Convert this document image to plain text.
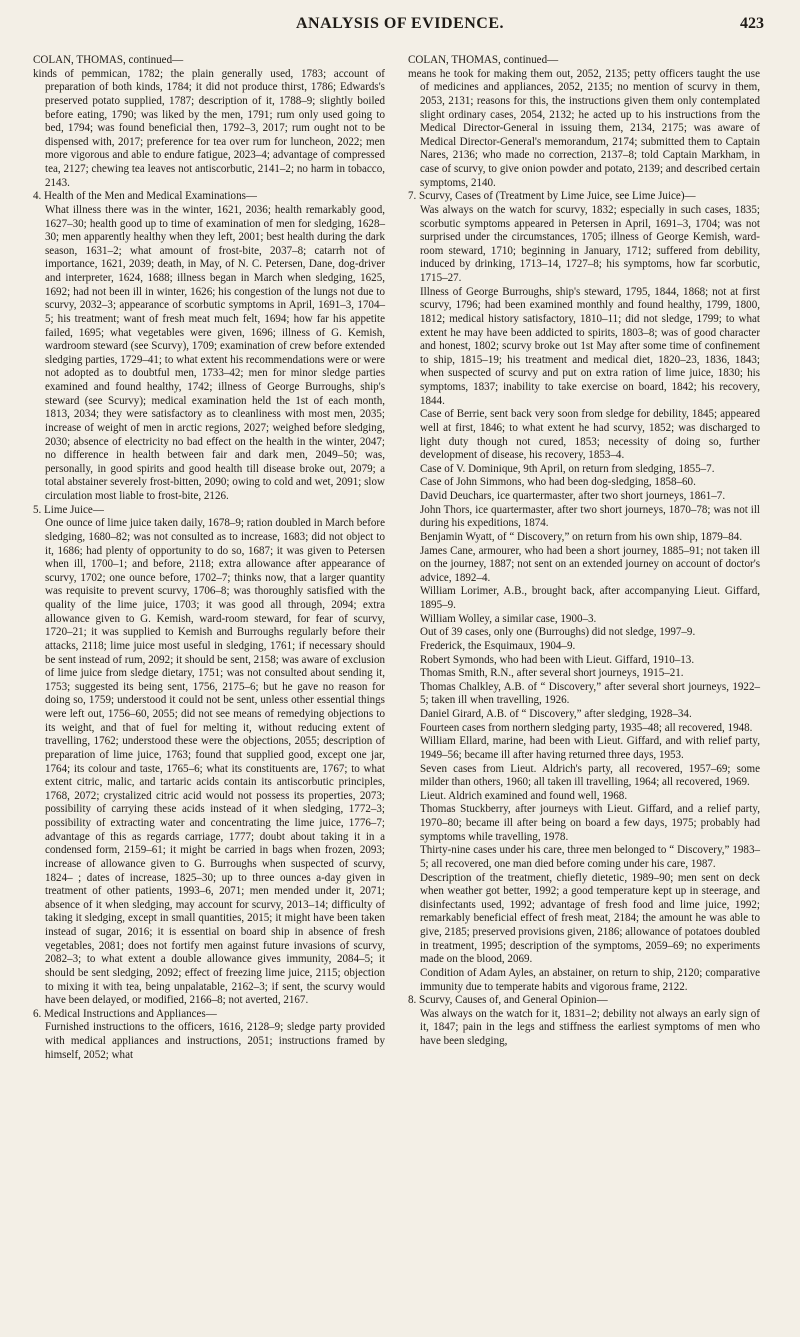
ANALYSIS OF EVIDENCE.	423

COLAN, THOMAS, continued—

kinds of pemmican, 1782; the plain generally used, 1783; account of preparation of both kinds, 1784; it did not produce thirst, 1786; Edwards's preserved potato supplied, 1787; description of it, 1788–9; slightly boiled before eating, 1790; was liked by the men, 1791; rum only used going to bed, 1794; was found beneficial then, 1792–3, 2017; rum ought not to be dispensed with, 2017; preference for tea over rum for luncheon, 2022; men more vigorous and able to endure fatigue, 2023–4; advantage of compressed tea, 2127; chewing tea leaves not antiscorbutic, 2141–2; no harm in tobacco, 2143.

4. Health of the Men and Medical Examinations—

What illness there was in the winter, 1621, 2036; health remarkably good, 1627–30; health good up to time of examination of men for sledging, 1628–30; men apparently healthy when they left, 2001; best health during the dark season, 1631–2; what amount of frost-bite, 2037–8; catarrh not of importance, 1621, 2039; death, in May, of N. C. Petersen, Dane, dog-driver and interpreter, 1624, 1688; illness began in March when sledging, 1625, 1692; had not been ill in winter, 1626; his congestion of the lungs not due to scurvy, 2032–3; appearance of scorbutic symptoms in April, 1691–3, 1704–5; his treatment; want of fresh meat much felt, 1694; how far his appetite failed, 1695; what vegetables were given, 1696; illness of G. Kemish, wardroom steward (see Scurvy), 1709; examination of crew before extended sledging parties, 1729–41; to what extent his recommendations were or were not adopted as to doubtful men, 1733–42; men for minor sledge parties examined and found healthy, 1742; illness of George Burroughs, ship's steward (see Scurvy); medical examination held the 1st of each month, 1813, 2034; they were satisfactory as to cleanliness with most men, 2035; increase of weight of men in arctic regions, 2027; weighed before sledging, 2030; absence of electricity no bad effect on the health in the winter, 2047; no difference in health between fair and dark men, 2049–50; was, personally, in good spirits and good health till disease broke out, 2079; a total abstainer severely frost-bitten, 2090; owing to cold and wet, 2091; slow circulation most liable to frost-bite, 2126.

5. Lime Juice—

One ounce of lime juice taken daily, 1678–9; ration doubled in March before sledging, 1680–82; was not consulted as to increase, 1683; did not object to it, 1686; had plenty of opportunity to do so, 1687; it was given to Petersen when ill, 1700–1; and before, 2118; extra allowance after appearance of scurvy, 1702; one ounce before, 1702–7; thinks now, that a larger quantity was requisite to prevent scurvy, 1706–8; was thoroughly satisfied with the quality of the lime juice, 1703; it was good all through, 2094; extra allowance given to G. Kemish, ward-room steward, for fear of scurvy, 1720–21; it was supplied to Kemish and Burroughs regularly before their attacks, 2118; lime juice most useful in sledging, 1761; if necessary should be sent instead of rum, 2092; it should be sent, 2158; was aware of exclusion of lime juice from sledge dietary, 1751; was not consulted about sending it, 1753; suggested its being sent, 1756, 2175–6; but he gave no reason for doing so, 1759; understood it could not be sent, unless other essential things were left out, 1756–60, 2055; did not see means of remedying objections to its weight, and that of fuel for melting it, without reducing extent of travelling, 1762; understood these were the objections, 2055; description of preparation of lime juice, 1763; found that supplied good, except one jar, 1764; its colour and taste, 1765–6; what its constituents are, 1767; to what extent citric, malic, and tartaric acids contain its antiscorbutic principles, 1768, 2072; crystalized citric acid would not possess its properties, 2073; possibility of carrying these acids instead of it when sledging, 1772–3; possibility of extracting water and concentrating the lime juice, 1776–7; advantage of this as regards carriage, 1777; doubt about taking it in a condensed form, 2159–61; it might be carried in bags when frozen, 2093; increase of allowance given to G. Burroughs when suspected of scurvy, 1824– ; dates of increase, 1825–30; up to three ounces a-day given in treatment of other patients, 1993–6, 2071; men mended under it, 2071; absence of it when sledging, may account for scurvy, 2013–14; difficulty of taking it sledging, except in small quantities, 2015; it might have been taken instead of sugar, 2016; it is essential on board ship in absence of fresh vegetables, 2081; does not fortify men against future invasions of scurvy, 2082–3; to what extent a double allowance gives immunity, 2084–5; it should be sent sledging, 2092; effect of freezing lime juice, 2115; objection to mixing it with tea, being unpalatable, 2162–3; if sent, the scurvy would have been delayed, or modified, 2166–8; not averted, 2167.

6. Medical Instructions and Appliances—

Furnished instructions to the officers, 1616, 2128–9; sledge party provided with medical appliances and instructions, 2051; instructions framed by himself, 2052; what

COLAN, THOMAS, continued—

means he took for making them out, 2052, 2135; petty officers taught the use of medicines and appliances, 2052, 2135; no mention of scurvy in them, 2053, 2131; reasons for this, the instructions given them only contemplated slight ordinary cases, 2054, 2132; he acted up to his instructions from the Medical Director-General in issuing them, 2134, 2175; was aware of Medical Director-General's memorandum, 2174; submitted them to Captain Nares, 2136; who made no correction, 2137–8; told Captain Markham, in case of scurvy, to give onion powder and potato, 2139; and described certain symptoms, 2140.

7. Scurvy, Cases of (Treatment by Lime Juice, see Lime Juice)—

Was always on the watch for scurvy, 1832; especially in such cases, 1835; scorbutic symptoms appeared in Petersen in April, 1691–3, 1704; was not surprised under the circumstances, 1705; illness of George Kemish, ward-room steward, 1710; beginning in January, 1712; suffered from debility, induced by drinking, 1713–14, 1727–8; his symptoms, how far scorbutic, 1715–27.

Illness of George Burroughs, ship's steward, 1795, 1844, 1868; not at first scurvy, 1796; had been examined monthly and found healthy, 1799, 1800, 1812; medical history satisfactory, 1810–11; did not sledge, 1799; to what extent he may have been addicted to spirits, 1803–8; was of good character and honest, 1802; scurvy broke out 1st May after some time of confinement to ship, 1815–19; his treatment and medical diet, 1820–23, 1836, 1843; when suspected of scurvy and put on extra ration of lime juice, 1830; his symptoms, 1837; inability to take exercise on board, 1842; his recovery, 1844.

Case of Berrie, sent back very soon from sledge for debility, 1845; appeared well at first, 1846; to what extent he had scurvy, 1852; was discharged to light duty though not cured, 1853; necessity of doing so, further development of disease, his recovery, 1853–4.

Case of V. Dominique, 9th April, on return from sledging, 1855–7.

Case of John Simmons, who had been dog-sledging, 1858–60.

David Deuchars, ice quartermaster, after two short journeys, 1861–7.

John Thors, ice quartermaster, after two short journeys, 1870–78; was not ill during his expeditions, 1874.

Benjamin Wyatt, of “ Discovery,” on return from his own ship, 1879–84.

James Cane, armourer, who had been a short journey, 1885–91; not taken ill on the journey, 1887; not sent on an extended journey on account of doctor's advice, 1892–4.

William Lorimer, A.B., brought back, after accompanying Lieut. Giffard, 1895–9.

William Wolley, a similar case, 1900–3.

Out of 39 cases, only one (Burroughs) did not sledge, 1997–9.

Frederick, the Esquimaux, 1904–9.

Robert Symonds, who had been with Lieut. Giffard, 1910–13.

Thomas Smith, R.N., after several short journeys, 1915–21.

Thomas Chalkley, A.B. of “ Discovery,” after several short journeys, 1922–5; taken ill when travelling, 1926.

Daniel Girard, A.B. of “ Discovery,” after sledging, 1928–34.

Fourteen cases from northern sledging party, 1935–48; all recovered, 1948.

William Ellard, marine, had been with Lieut. Giffard, and with relief party, 1949–56; became ill after having returned three days, 1953.

Seven cases from Lieut. Aldrich's party, all recovered, 1957–69; some milder than others, 1960; all taken ill travelling, 1964; all recovered, 1969.

Lieut. Aldrich examined and found well, 1968.

Thomas Stuckberry, after journeys with Lieut. Giffard, and a relief party, 1970–80; became ill after being on board a few days, 1975; probably had symptoms while travelling, 1978.

Thirty-nine cases under his care, three men belonged to “ Discovery,” 1983–5; all recovered, one man died before coming under his care, 1987.

Description of the treatment, chiefly dietetic, 1989–90; men sent on deck when weather got better, 1992; a good temperature kept up in steerage, and disinfectants used, 1992; advantage of fresh food and lime juice, 1992; remarkably beneficial effect of fresh meat, 2184; the amount he was able to give, 2185; preserved provisions given, 2186; allowance of potatoes doubled in treatment, 1995; description of the symptoms, 2059–69; no experiments made on the blood, 2069.

Condition of Adam Ayles, an abstainer, on return to ship, 2120; comparative immunity due to temperate habits and vigorous frame, 2122.

8. Scurvy, Causes of, and General Opinion—

Was always on the watch for it, 1831–2; debility not always an early sign of it, 1847; pain in the legs and stiffness the earliest symptoms of men who have been sledging,
